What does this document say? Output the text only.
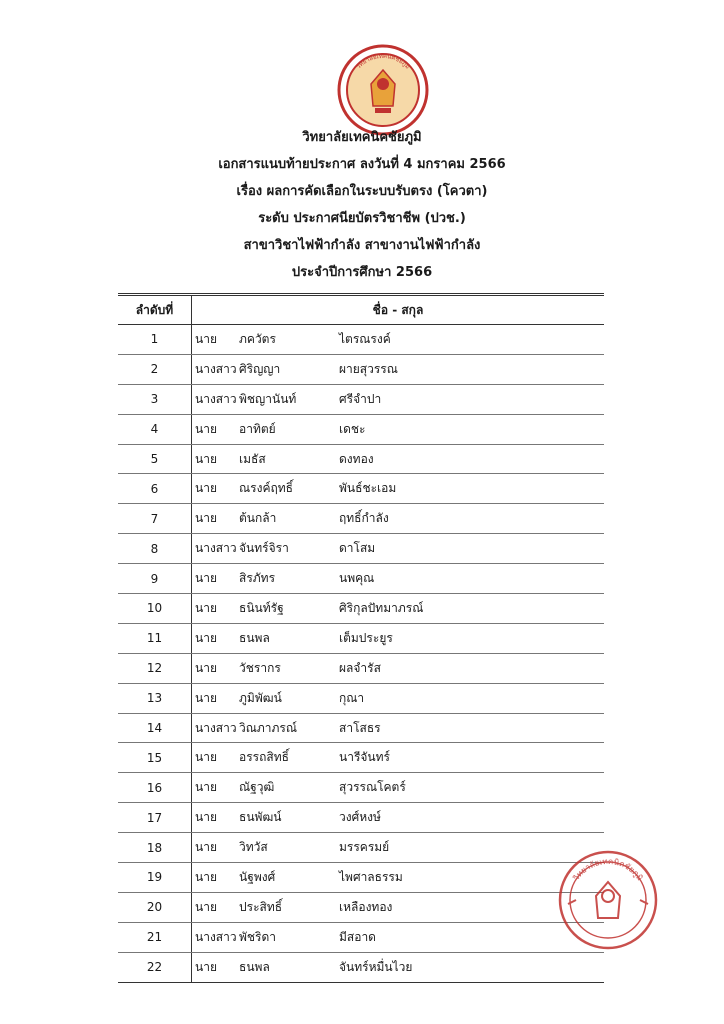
วิทยาลัยเทคนิคชัยภูมิ
วิทยาลัยเทคนิคชัยภูมิ
เอกสารแนบท้ายประกาศ ลงวันที่ 4 มกราคม 2566
เรื่อง ผลการคัดเลือกในระบบรับตรง (โควตา)
ระดับ ประกาศนียบัตรวิชาชีพ (ปวช.)
สาขาวิชาไฟฟ้ากำลัง สาขางานไฟฟ้ากำลัง
ประจำปีการศึกษา 2566
ลำดับที่	ชื่อ - สกุล		
1	นาย	ภควัตร	ไตรณรงค์
2	นางสาว	ศิริญญา	ผายสุวรรณ
3	นางสาว	พิชญานันท์	ศรีจำปา
4	นาย	อาทิตย์	เดชะ
5	นาย	เมธัส	ดงทอง
6	นาย	ณรงค์ฤทธิ์	พันธ์ชะเอม
7	นาย	ต้นกล้า	ฤทธิ์กำลัง
8	นางสาว	จันทร์จิรา	ดาโสม
9	นาย	สิรภัทร	นพคุณ
10	นาย	ธนินท์รัฐ	ศิริกุลปัทมาภรณ์
11	นาย	ธนพล	เต็มประยูร
12	นาย	วัชรากร	ผลจำรัส
13	นาย	ภูมิพัฒน์	กุณา
14	นางสาว	วิณภาภรณ์	สาโสธร
15	นาย	อรรถสิทธิ์	นารีจันทร์
16	นาย	ณัฐวุฒิ	สุวรรณโคตร์
17	นาย	ธนพัฒน์	วงศ์หงษ์
18	นาย	วิทวัส	มรรครมย์
19	นาย	นัฐพงศ์	ไพศาลธรรม
20	นาย	ประสิทธิ์	เหลืองทอง
21	นางสาว	พัชริดา	มีสอาด
22	นาย	ธนพล	จันทร์หมื่นไวย
วิทยาลัยเทคนิคชัยภูมิ
